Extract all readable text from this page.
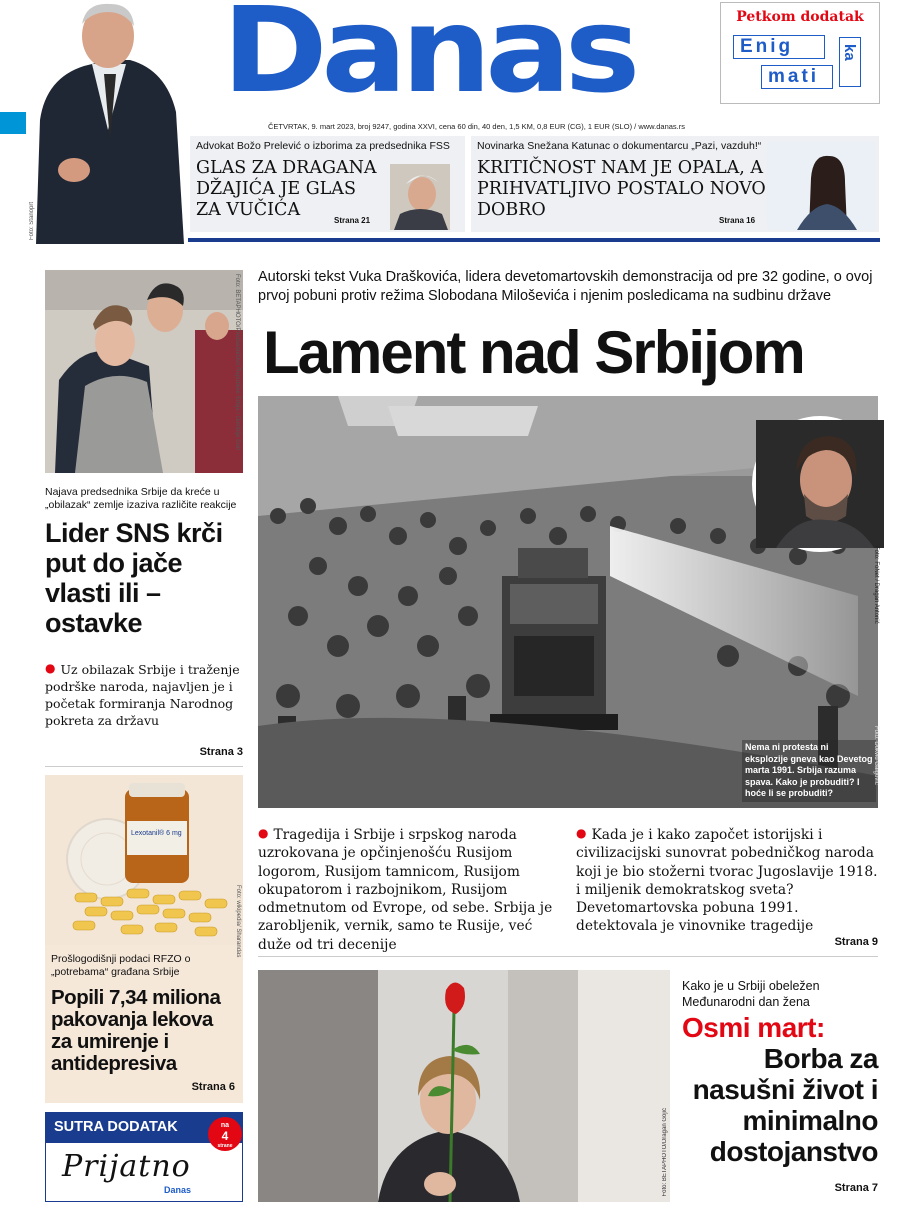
Foto: Stanoprt
Danas	Petkom dodatak
Enig
mati
ka
ČETVRTAK, 9. mart 2023, broj 9247, godina XXVI, cena 60 din, 40 den, 1,5 KM, 0,8 EUR (CG), 1 EUR (SLO) / www.danas.rs
Advokat Božo Prelević o izborima za predsednika FSS
GLAS ZA DRAGANA DŽAJIĆA JE GLAS ZA VUČIĆA
Strana 21
Novinarka Snežana Katunac o dokumentarcu „Pazi, vazduh!“
KRITIČNOST NAM JE OPALA, A PRIHVATLJIVO POSTALO NOVO DOBRO
Strana 16
Foto: BETAPHOTO/Predsedništvo Republike Srbije / Dimitrije Goll
Najava predsednika Srbije da kreće u „obilazak“ zemlje izaziva različite reakcije
Lider SNS krči put do jače vlasti ili – ostavke
● Uz obilazak Srbije i traženje podrške naroda, najavljen je i početak formiranja Narodnog pokreta za državu
Strana 3
Lexotanil® 6 mg
Foto: wikipedia/ Sharandas
Prošlogodišnji podaci RFZO o „potrebama“ građana Srbije
Popili 7,34 miliona pakovanja lekova za umirenje i antidepresiva
Strana 6
SUTRA DODATAK	na
4
strane
Prijatno
Danas
Autorski tekst Vuka Draškovića, lidera devetomartovskih demonstracija od pre 32 godine, o ovoj prvoj pobuni protiv režima Slobodana Miloševića i njenim posledicama na sudbinu države
Lament nad Srbijom
Foto: FoNet / Dragan Antonić
Nema ni protesta ni eksplozije gneva kao Devetog marta 1991. Srbija razuma spava. Kako je probuditi? I hoće li se probuditi?
Foto: Dokvid Galgović
● Tragedija i Srbije i srpskog naroda uzrokovana je opčinjenošću Rusijom logorom, Rusijom tamnicom, Rusijom okupatorom i razbojnikom, Rusijom odmetnutom od Evrope, od sebe. Srbija je zarobljenik, vernik, samo te Rusije, već duže od tri decenije
● Kada je i kako započet istorijski i civilizacijski sunovrat pobedničkog naroda koji je bio stožerni tvorac Jugoslavije 1918. i miljenik demokratskog sveta? Devetomartovska pobuna 1991. detektovala je vinovnike tragedije
Strana 9
Foto: BETAPHOTO/Dragan Gojić
Kako je u Srbiji obeležen Međunarodni dan žena
Osmi mart:
Borba za nasušni život i minimalno dostojanstvo
Strana 7
